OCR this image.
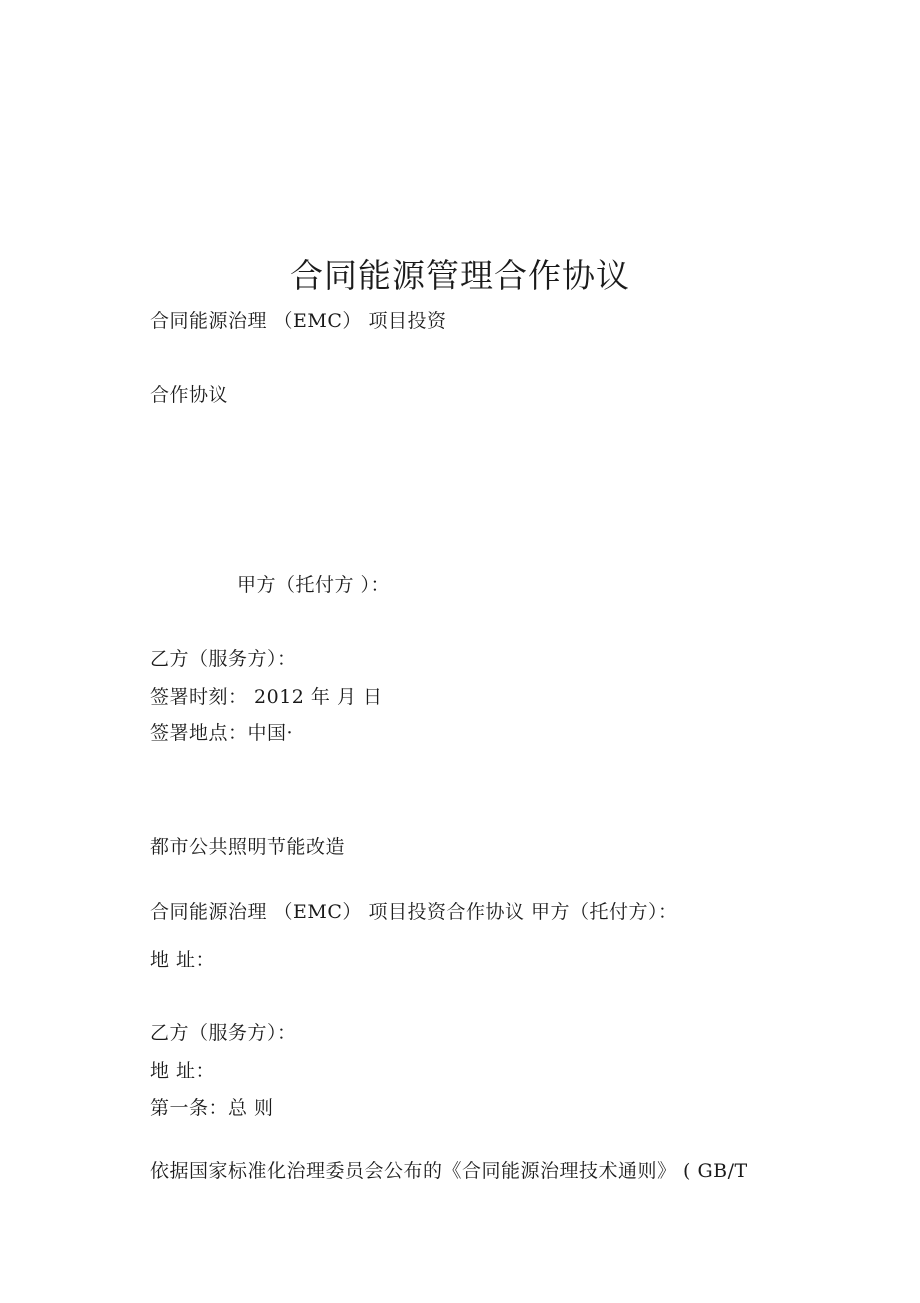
合同能源管理合作协议
合同能源治理 （EMC） 项目投资
合作协议
甲方（托付方 ）：
乙方（服务方）：
签署时刻： 2012 年 月 日
签署地点：中国·
都市公共照明节能改造
合同能源治理 （EMC） 项目投资合作协议 甲方（托付方）：
地 址：
乙方（服务方）：
地 址：
第一条：总 则
依据国家标准化治理委员会公布的《合同能源治理技术通则》 ( GB/T
